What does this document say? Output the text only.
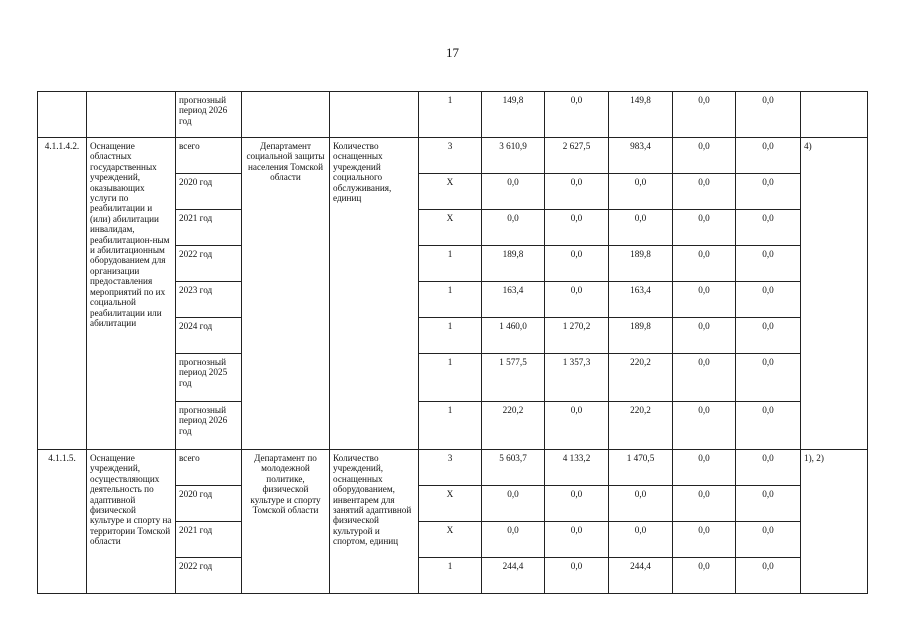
17
		прогнозный период 2026 год			1	149,8	0,0	149,8	0,0	0,0	
4.1.1.4.2.	Оснащение областных государственных учреждений, оказывающих услуги по реабилитации и (или) абилитации инвалидам, реабилитацион-ным и абилитационным оборудованием для организации предоставления мероприятий по их социальной реабилитации или абилитации	всего	Департамент социальной защиты населения Томской области	Количество оснащенных учреждений социального обслуживания, единиц	3	3 610,9	2 627,5	983,4	0,0	0,0	4)
		2020 год			X	0,0	0,0	0,0	0,0	0,0	
		2021 год			X	0,0	0,0	0,0	0,0	0,0	
		2022 год			1	189,8	0,0	189,8	0,0	0,0	
		2023 год			1	163,4	0,0	163,4	0,0	0,0	
		2024 год			1	1 460,0	1 270,2	189,8	0,0	0,0	
		прогнозный период 2025 год			1	1 577,5	1 357,3	220,2	0,0	0,0	
		прогнозный период 2026 год			1	220,2	0,0	220,2	0,0	0,0	
4.1.1.5.	Оснащение учреждений, осуществляющих деятельность по адаптивной физической культуре и спорту на территории Томской области	всего	Департамент по молодежной политике, физической культуре и спорту Томской области	Количество учреждений, оснащенных оборудованием, инвентарем для занятий адаптивной физической культурой и спортом, единиц	3	5 603,7	4 133,2	1 470,5	0,0	0,0	1), 2)
		2020 год			X	0,0	0,0	0,0	0,0	0,0	
		2021 год			X	0,0	0,0	0,0	0,0	0,0	
		2022 год			1	244,4	0,0	244,4	0,0	0,0	
